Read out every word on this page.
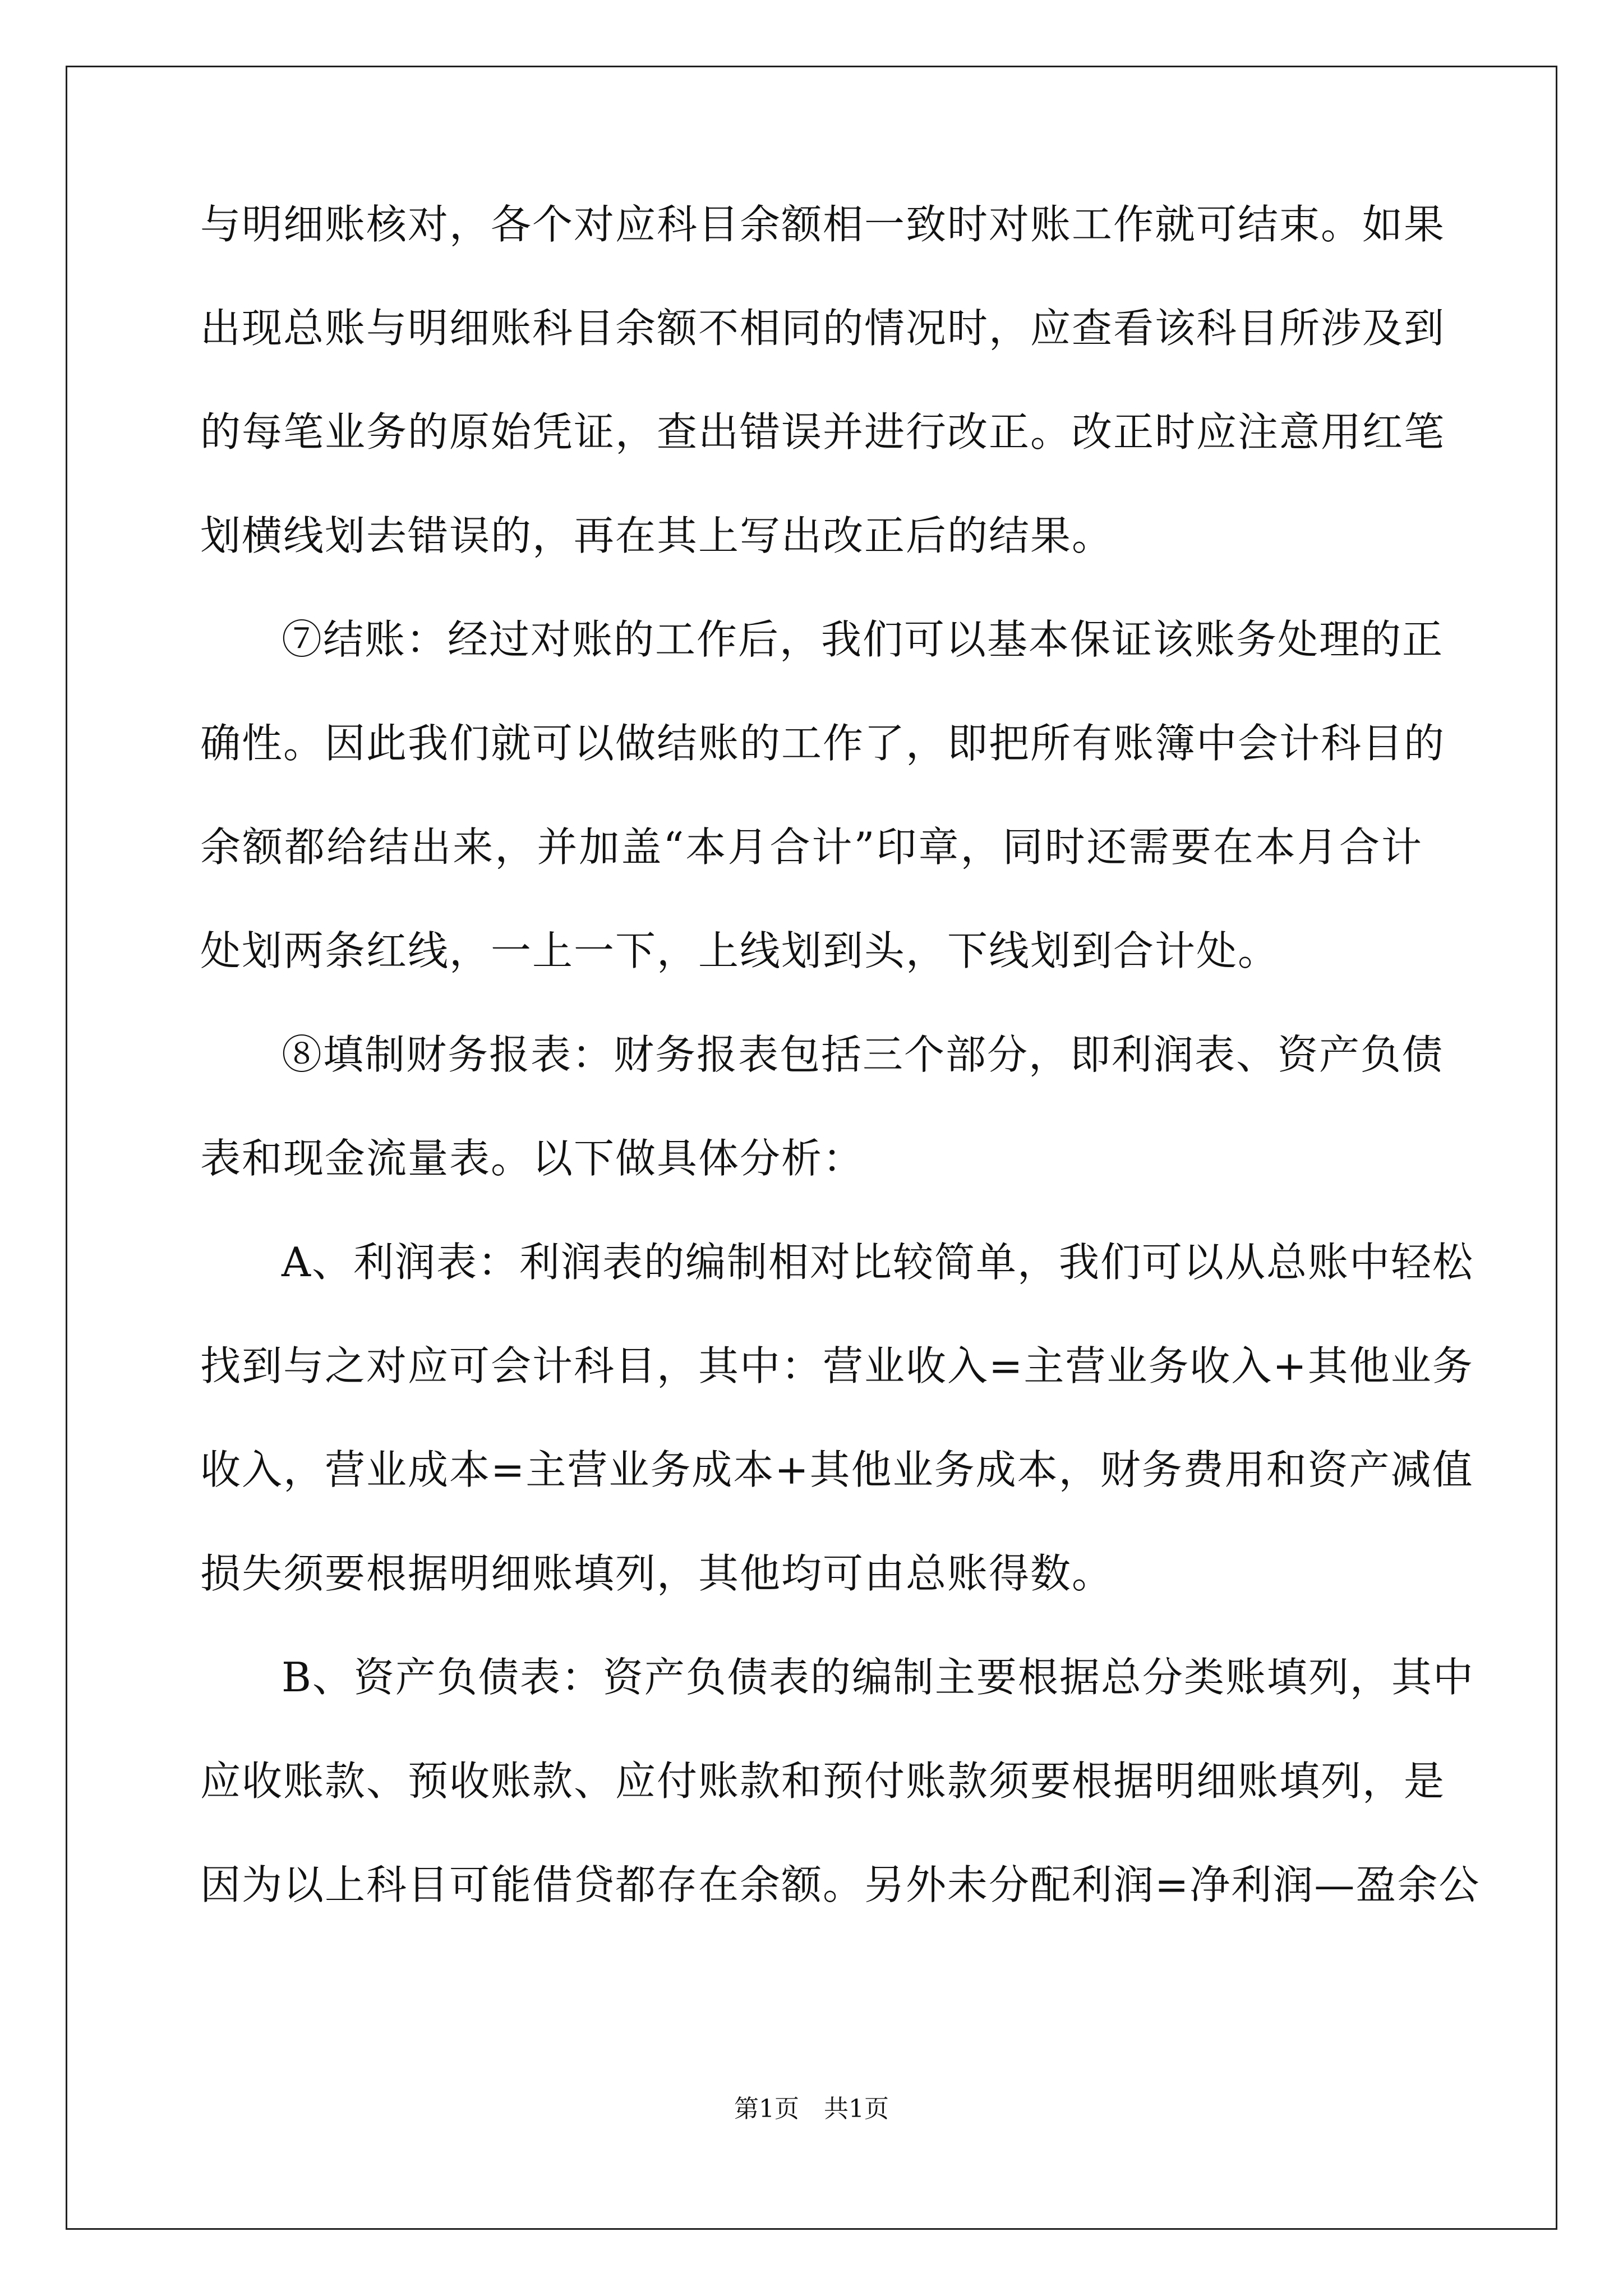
与明细账核对，各个对应科目余额相一致时对账工作就可结束。如果
出现总账与明细账科目余额不相同的情况时，应查看该科目所涉及到
的每笔业务的原始凭证，查出错误并进行改正。改正时应注意用红笔
划横线划去错误的，再在其上写出改正后的结果。
⑦结账：经过对账的工作后，我们可以基本保证该账务处理的正
确性。因此我们就可以做结账的工作了，即把所有账簿中会计科目的
余额都给结出来，并加盖“本月合计”印章，同时还需要在本月合计
处划两条红线，一上一下，上线划到头，下线划到合计处。
⑧填制财务报表：财务报表包括三个部分，即利润表、资产负债
表和现金流量表。以下做具体分析：
A、利润表：利润表的编制相对比较简单，我们可以从总账中轻松
找到与之对应可会计科目，其中：营业收入=主营业务收入+其他业务
收入，营业成本=主营业务成本+其他业务成本，财务费用和资产减值
损失须要根据明细账填列，其他均可由总账得数。
B、资产负债表：资产负债表的编制主要根据总分类账填列，其中
应收账款、预收账款、应付账款和预付账款须要根据明细账填列，是
因为以上科目可能借贷都存在余额。另外未分配利润=净利润—盈余公
第1页　共1页
